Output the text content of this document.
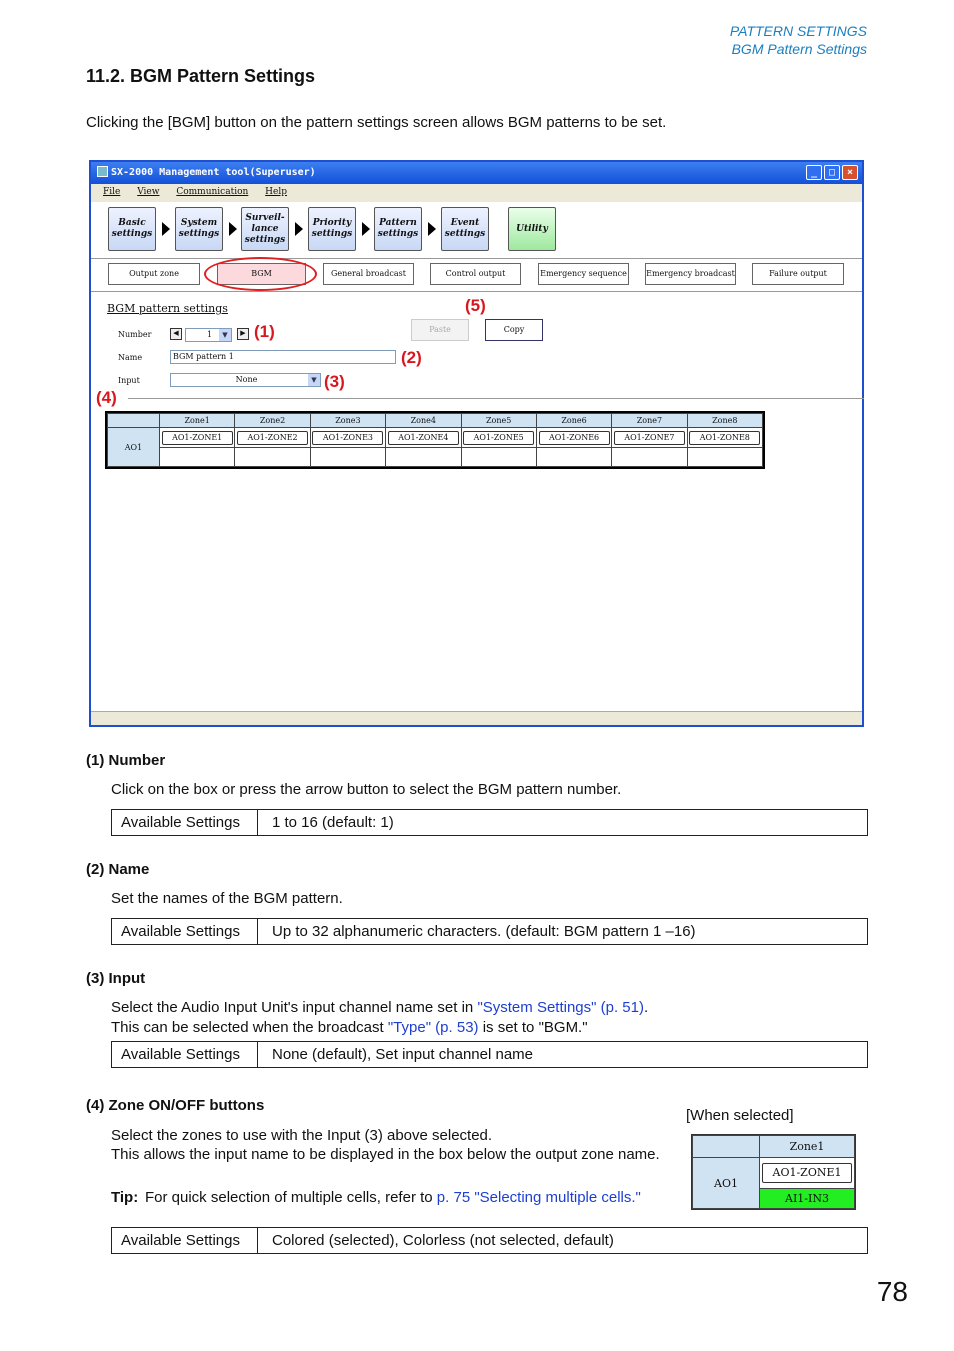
PATTERN SETTINGS
BGM Pattern Settings
11.2. BGM Pattern Settings
Clicking the [BGM] button on the pattern settings screen allows BGM patterns to be set.
SX-2000 Management tool(Superuser)	_	□	×
File View Communication Help
Basic
settings
System
settings
Surveil-
lance
settings
Priority
settings
Pattern
settings
Event
settings
Utility
Output zone	BGM	General broadcast	Control output	Emergency sequence Emergency broadcast	Failure output
BGM pattern settings
Number	◀	1	▼	▶
Name	BGM pattern 1
Input	None	▼
Paste	Copy
(1)
(2)
(3)
(5)
	Zone1	Zone2	Zone3	Zone4	Zone5	Zone6	Zone7	Zone8
AO1	AO1-ZONE1	AO1-ZONE2	AO1-ZONE3	AO1-ZONE4	AO1-ZONE5	AO1-ZONE6	AO1-ZONE7	AO1-ZONE8

(4)
(1) Number
Click on the box or press the arrow button to select the BGM pattern number.
Available Settings	1 to 16 (default: 1)
(2) Name
Set the names of the BGM pattern.
Available Settings	Up to 32 alphanumeric characters. (default: BGM pattern 1 –16)
(3) Input
Select the Audio Input Unit's input channel name set in "System Settings" (p. 51).
This can be selected when the broadcast "Type" (p. 53) is set to "BGM."
Available Settings	None (default), Set input channel name
(4) Zone ON/OFF buttons
Select the zones to use with the Input (3) above selected.
This allows the input name to be displayed in the box below the output zone name.
Tip: For quick selection of multiple cells, refer to p. 75 "Selecting multiple cells."
[When selected]
	Zone1
AO1	AO1-ZONE1
	AI1-IN3
Available Settings	Colored (selected), Colorless (not selected, default)
78
